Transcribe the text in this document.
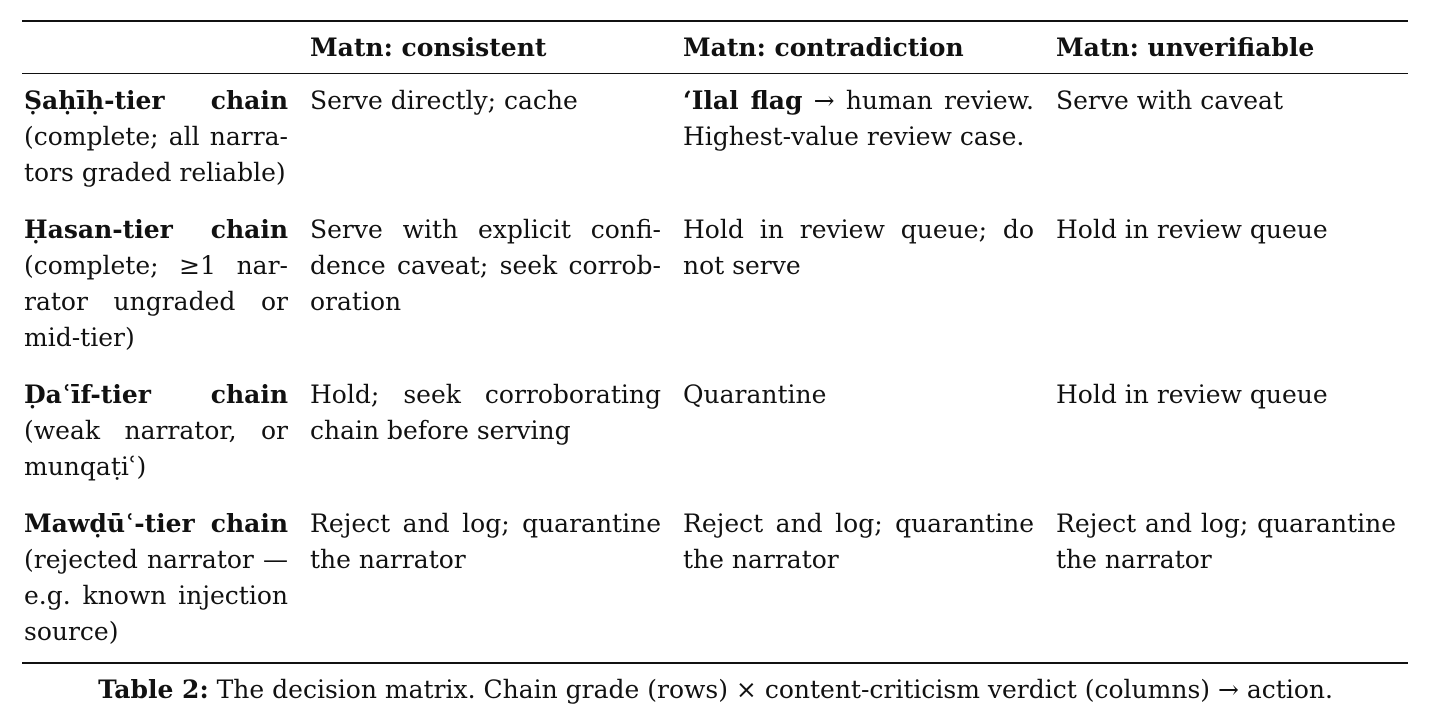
	Matn: consistent	Matn: contradiction	Matn: unverifiable
Ṣaḥīḥ-tier chain (complete; all narrators graded reliable)	Serve directly; cache	‘Ilal flag → human review. Highest-value review case.	Serve with caveat
Ḥasan-tier chain (complete; ≥1 narrator ungraded or mid-tier)	Serve with explicit confidence caveat; seek corroboration	Hold in review queue; do not serve	Hold in review queue
Ḍaʿīf-tier chain (weak narrator, or munqaṭiʿ)	Hold; seek corroborating chain before serving	Quarantine	Hold in review queue
Mawḍūʿ-tier chain (rejected narrator — e.g. known injection source)	Reject and log; quarantine the narrator	Reject and log; quarantine the narrator	Reject and log; quarantine the narrator
Table 2: The decision matrix. Chain grade (rows) × content-criticism verdict (columns) → action.
